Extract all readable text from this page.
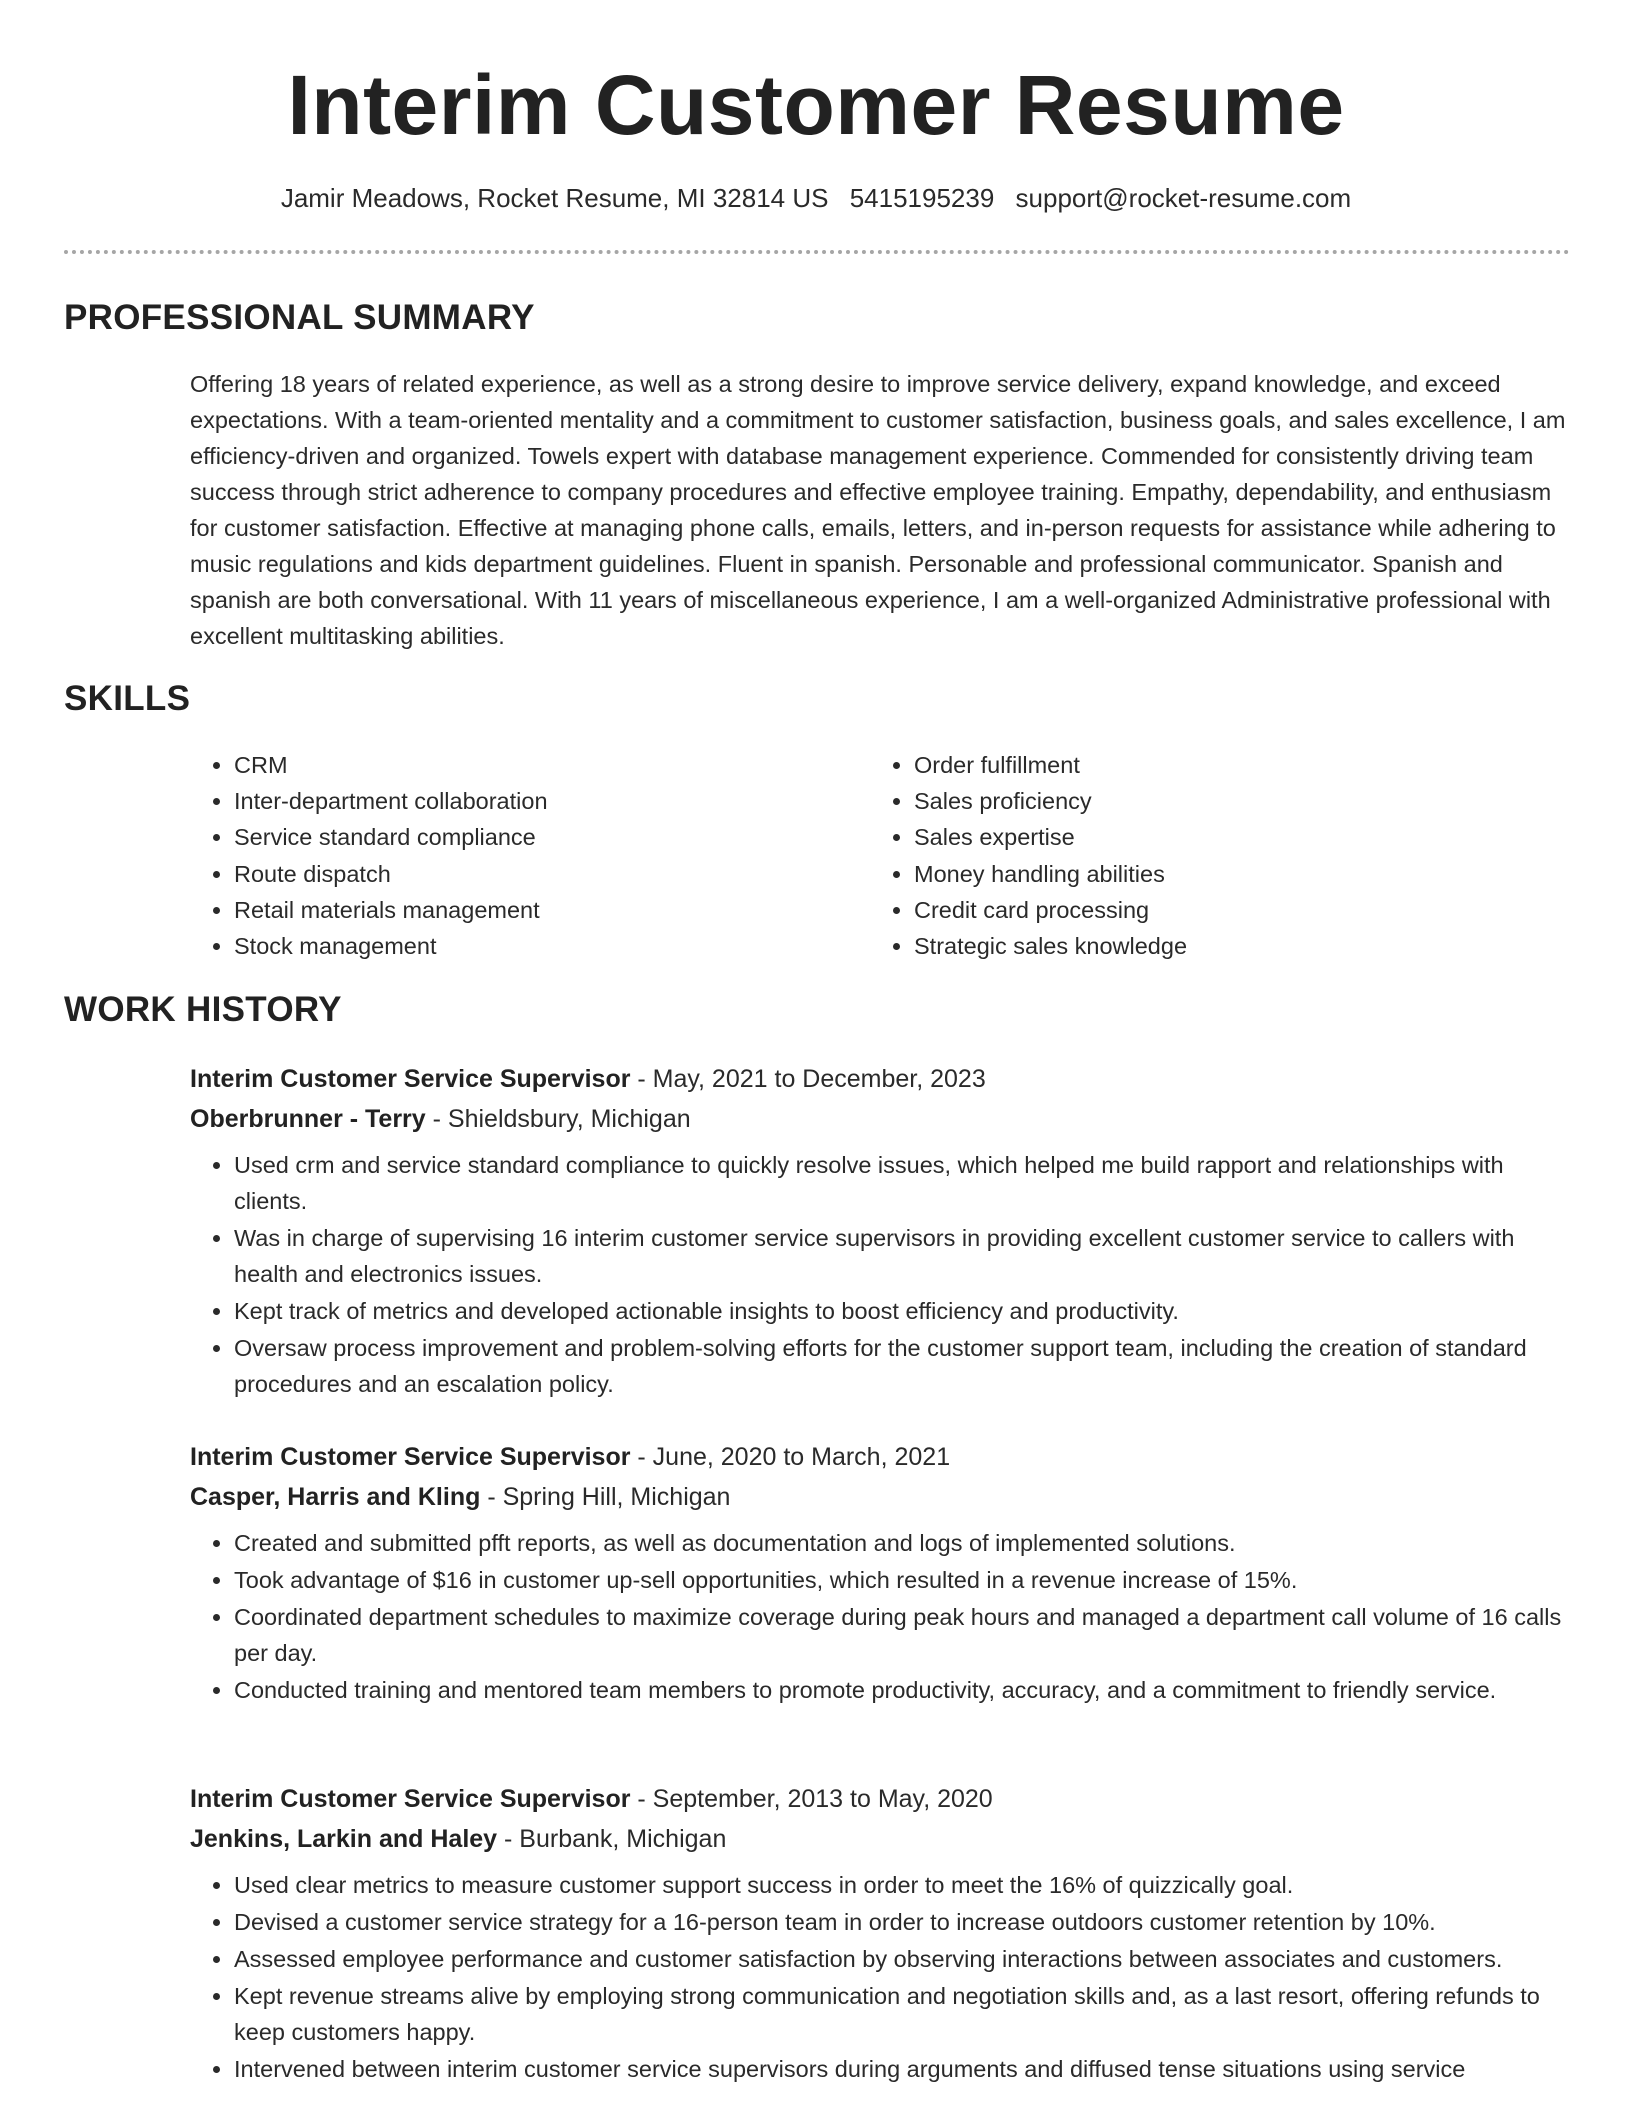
Interim Customer Resume
Jamir Meadows, Rocket Resume, MI 32814 US 5415195239 support@rocket-resume.com
PROFESSIONAL SUMMARY

Offering 18 years of related experience, as well as a strong desire to improve service delivery, expand knowledge, and exceed expectations. With a team-oriented mentality and a commitment to customer satisfaction, business goals, and sales excellence, I am efficiency-driven and organized. Towels expert with database management experience. Commended for consistently driving team success through strict adherence to company procedures and effective employee training. Empathy, dependability, and enthusiasm for customer satisfaction. Effective at managing phone calls, emails, letters, and in-person requests for assistance while adhering to music regulations and kids department guidelines. Fluent in spanish. Personable and professional communicator. Spanish and spanish are both conversational. With 11 years of miscellaneous experience, I am a well-organized Administrative professional with excellent multitasking abilities.

SKILLS
• CRM
• Inter-department collaboration
• Service standard compliance
• Route dispatch
• Retail materials management
• Stock management
• Order fulfillment
• Sales proficiency
• Sales expertise
• Money handling abilities
• Credit card processing
• Strategic sales knowledge
WORK HISTORY
Interim Customer Service Supervisor - May, 2021 to December, 2023
Oberbrunner - Terry - Shieldsbury, Michigan
• Used crm and service standard compliance to quickly resolve issues, which helped me build rapport and relationships with clients.
• Was in charge of supervising 16 interim customer service supervisors in providing excellent customer service to callers with health and electronics issues.
• Kept track of metrics and developed actionable insights to boost efficiency and productivity.
• Oversaw process improvement and problem-solving efforts for the customer support team, including the creation of standard procedures and an escalation policy.
Interim Customer Service Supervisor - June, 2020 to March, 2021
Casper, Harris and Kling - Spring Hill, Michigan
• Created and submitted pfft reports, as well as documentation and logs of implemented solutions.
• Took advantage of $16 in customer up-sell opportunities, which resulted in a revenue increase of 15%.
• Coordinated department schedules to maximize coverage during peak hours and managed a department call volume of 16 calls per day.
• Conducted training and mentored team members to promote productivity, accuracy, and a commitment to friendly service.
Interim Customer Service Supervisor - September, 2013 to May, 2020
Jenkins, Larkin and Haley - Burbank, Michigan
• Used clear metrics to measure customer support success in order to meet the 16% of quizzically goal.
• Devised a customer service strategy for a 16-person team in order to increase outdoors customer retention by 10%.
• Assessed employee performance and customer satisfaction by observing interactions between associates and customers.
• Kept revenue streams alive by employing strong communication and negotiation skills and, as a last resort, offering refunds to keep customers happy.
• Intervened between interim customer service supervisors during arguments and diffused tense situations using service
